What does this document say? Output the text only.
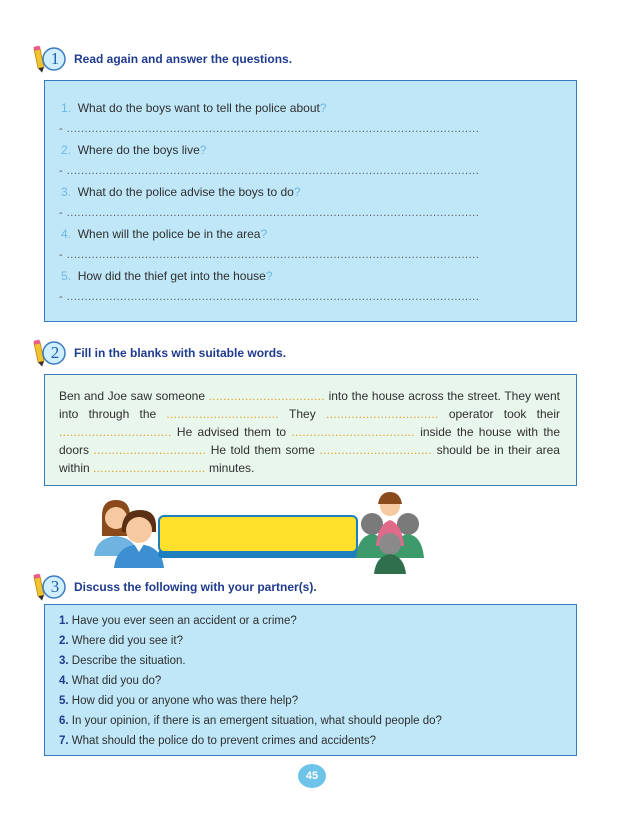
1 Read again and answer the questions.
1. What do the boys want to tell the police about?
- ....................................................................................................................
2. Where do the boys live?
- ....................................................................................................................
3. What do the police advise the boys to do?
- ....................................................................................................................
4. When will the police be in the area?
- ....................................................................................................................
5. How did the thief get into the house?
- ....................................................................................................................
2 Fill in the blanks with suitable words.
Ben and Joe saw someone ................................ into the house across the street. They went into through the ............................... They ............................... operator took their ............................... He advised them to .................................. inside the house with the doors ............................... He told them some ............................... should be in their area within ............................... minutes.
3 Discuss the following with your partner(s).
1. Have you ever seen an accident or a crime?
2. Where did you see it?
3. Describe the situation.
4. What did you do?
5. How did you or anyone who was there help?
6. In your opinion, if there is an emergent situation, what should people do?
7. What should the police do to prevent crimes and accidents?
45
